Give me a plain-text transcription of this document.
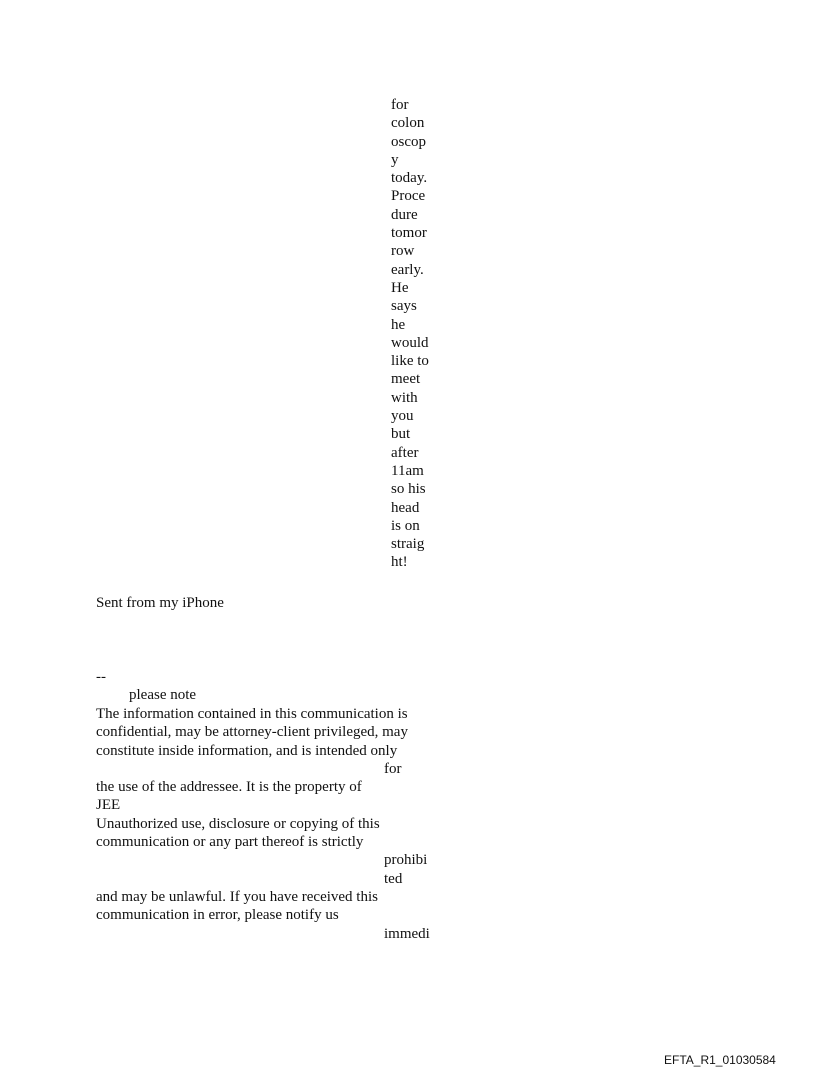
for
colon
oscop
y
today.
Proce
dure
tomor
row
early.
He
says
he
would
like to
meet
with
you
but
after
11am
so his
head
is on
straig
ht!
Sent from my iPhone
--
please note
The information contained in this communication is
confidential, may be attorney-client privileged, may
constitute inside information, and is intended only
for
the use of the addressee. It is the property of
JEE
Unauthorized use, disclosure or copying of this
communication or any part thereof is strictly
prohibi
ted
and may be unlawful. If you have received this
communication in error, please notify us
immedi
EFTA_R1_01030584
